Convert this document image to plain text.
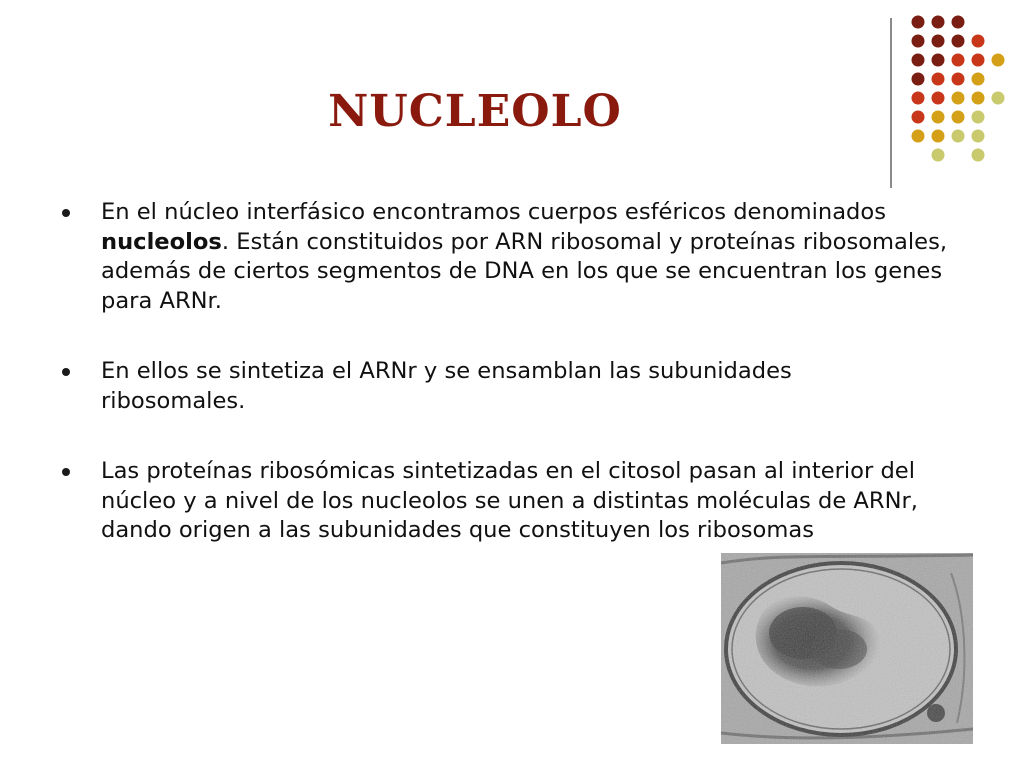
NUCLEOLO
En el núcleo interfásico encontramos cuerpos esféricos denominados nucleolos. Están constituidos por ARN ribosomal y proteínas ribosomales, además de ciertos segmentos de DNA en los que se encuentran los genes para ARNr.
En ellos se sintetiza el ARNr y se ensamblan las subunidades ribosomales.
Las proteínas ribosómicas sintetizadas en el citosol pasan al interior del núcleo y a nivel de los nucleolos se unen a distintas moléculas de ARNr, dando origen a las subunidades que constituyen los ribosomas
